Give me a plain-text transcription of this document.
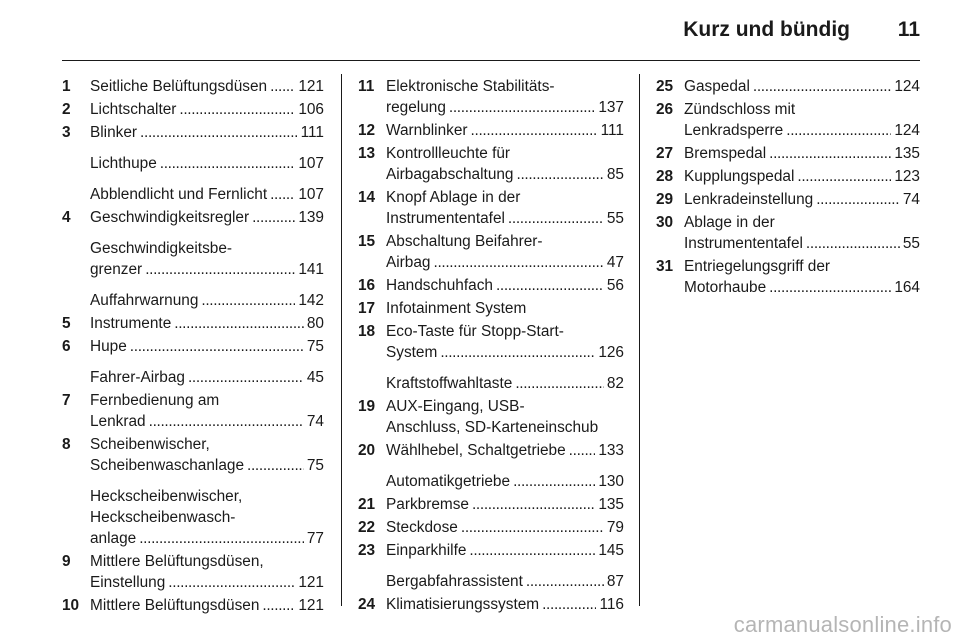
Kurz und bündig 11
1 Seitliche Belüftungsdüsen . . . 121
2 Lichtschalter . . .	106
3 Blinker . . .	111
Lichthupe . . .	107
Abblendlicht und Fernlicht . . . 107
4 Geschwindigkeitsregler . . .	139
Geschwindigkeitsbe-
grenzer . . .	141
Auffahrwarnung . . .	142
5 Instrumente . . .	80
6 Hupe . . .	75
Fahrer-Airbag . . .	45
7 Fernbedienung am
Lenkrad . . .	74
8 Scheibenwischer,
Scheibenwaschanlage . . .	75
Heckscheibenwischer,
Heckscheibenwasch-
anlage . . .	77
9 Mittlere Belüftungsdüsen,
Einstellung . . .	121
10 Mittlere Belüftungsdüsen . . .	121
11 Elektronische Stabilitäts-
regelung . . .	137
12 Warnblinker . . .	111
13 Kontrollleuchte für
Airbagabschaltung . . .	85
14 Knopf Ablage in der
Instrumententafel . . .	55
15 Abschaltung Beifahrer-
Airbag . . .	47
16 Handschuhfach . . .	56
17 Infotainment System
18 Eco-Taste für Stopp-Start-
System . . .	126
Kraftstoffwahltaste . . .	82
19 AUX-Eingang, USB-
Anschluss, SD-Karteneinschub
20 Wählhebel, Schaltgetriebe . . . 133
Automatikgetriebe . . .	130
21 Parkbremse . . .	135
22 Steckdose . . .	79
23 Einparkhilfe . . .	145
Bergabfahrassistent . . .	87
24 Klimatisierungssystem . . .	116
25 Gaspedal . . .	124
26 Zündschloss mit
Lenkradsperre . . .	124
27 Bremspedal . . .	135
28 Kupplungspedal . . .	123
29 Lenkradeinstellung . . .	74
30 Ablage in der
Instrumententafel . . .	55
31 Entriegelungsgriff der
Motorhaube . . .	164
carmanualsonline.info
